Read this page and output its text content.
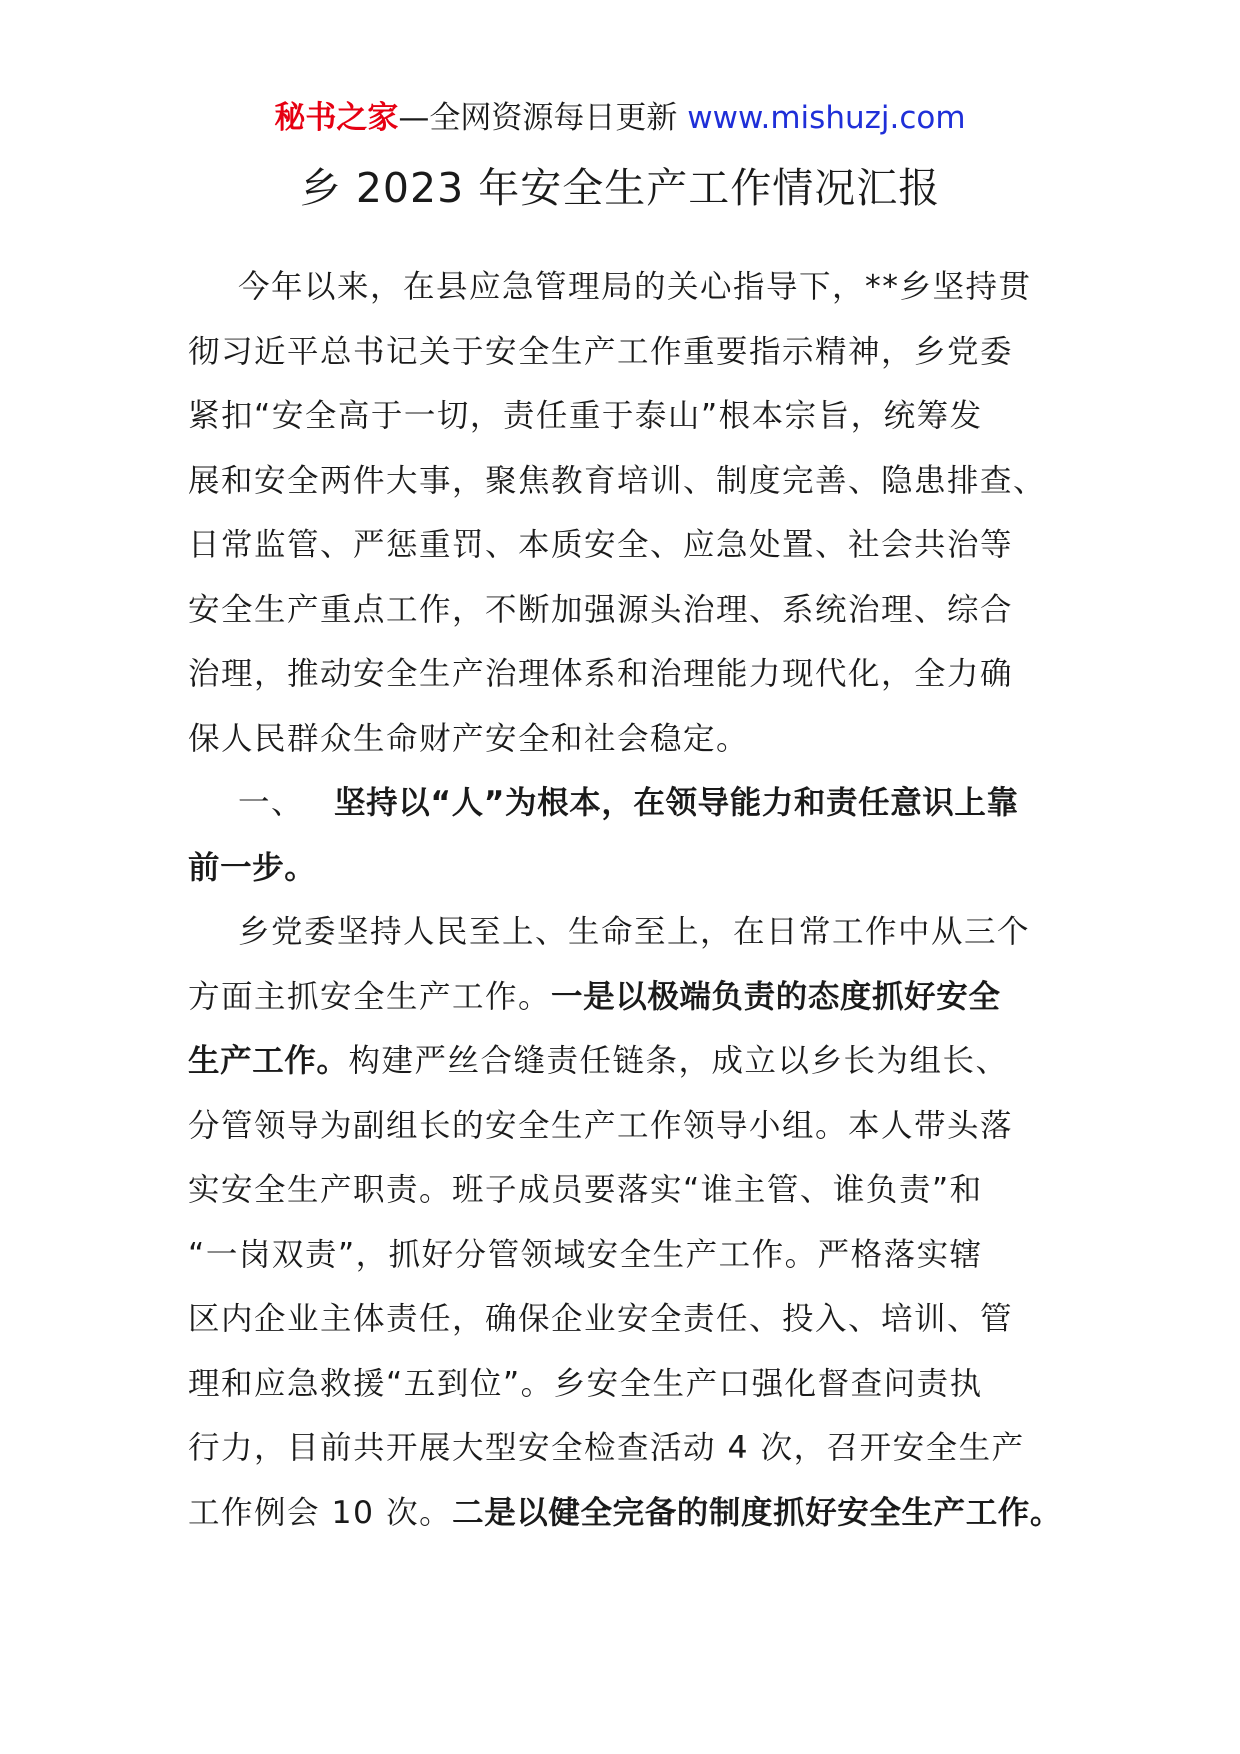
秘书之家—全网资源每日更新 www.mishuzj.com
乡 2023 年安全生产工作情况汇报
今年以来，在县应急管理局的关心指导下，**乡坚持贯
彻习近平总书记关于安全生产工作重要指示精神，乡党委
紧扣“安全高于一切，责任重于泰山”根本宗旨，统筹发
展和安全两件大事，聚焦教育培训、制度完善、隐患排查、
日常监管、严惩重罚、本质安全、应急处置、社会共治等
安全生产重点工作，不断加强源头治理、系统治理、综合
治理，推动安全生产治理体系和治理能力现代化，全力确
保人民群众生命财产安全和社会稳定。
一、 坚持以“人”为根本，在领导能力和责任意识上靠
前一步。
乡党委坚持人民至上、生命至上，在日常工作中从三个
方面主抓安全生产工作。一是以极端负责的态度抓好安全
生产工作。构建严丝合缝责任链条，成立以乡长为组长、
分管领导为副组长的安全生产工作领导小组。本人带头落
实安全生产职责。班子成员要落实“谁主管、谁负责”和
“一岗双责”，抓好分管领域安全生产工作。严格落实辖
区内企业主体责任，确保企业安全责任、投入、培训、管
理和应急救援“五到位”。乡安全生产口强化督查问责执
行力，目前共开展大型安全检查活动 4 次，召开安全生产
工作例会 10 次。二是以健全完备的制度抓好安全生产工作。
